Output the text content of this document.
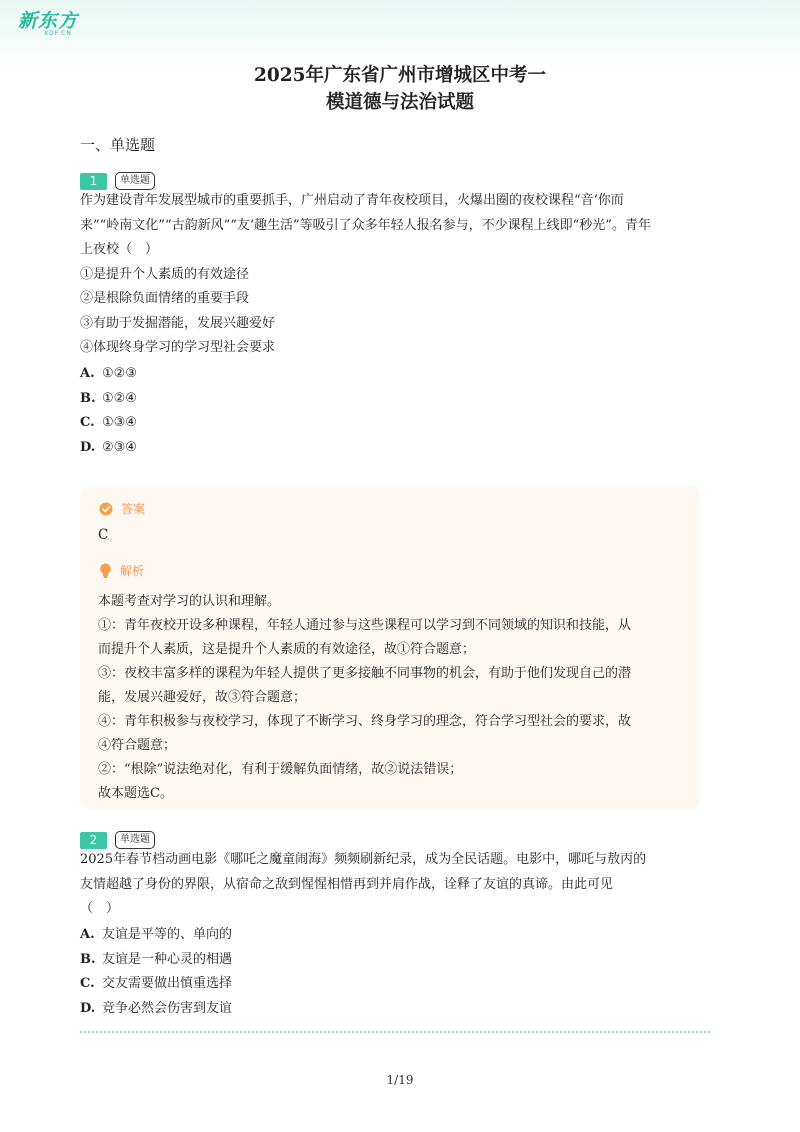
新东方
XDF.CN
2025年广东省广州市增城区中考一
模道德与法治试题
一、单选题
1	单选题

作为建设青年发展型城市的重要抓手，广州启动了青年夜校项目，火爆出圈的夜校课程“音‘你而

来”“岭南文化”“古韵新风”“友‘趣生活”等吸引了众多年轻人报名参与，不少课程上线即“秒光”。青年

上夜校（　）

①是提升个人素质的有效途径

②是根除负面情绪的重要手段

③有助于发掘潜能，发展兴趣爱好

④体现终身学习的学习型社会要求

A. ①②③
B. ①②④
C. ①③④
D. ②③④
答案
C
解析

本题考查对学习的认识和理解。

①：青年夜校开设多种课程，年轻人通过参与这些课程可以学习到不同领域的知识和技能，从

而提升个人素质，这是提升个人素质的有效途径，故①符合题意；

③：夜校丰富多样的课程为年轻人提供了更多接触不同事物的机会，有助于他们发现自己的潜

能，发展兴趣爱好，故③符合题意；

④：青年积极参与夜校学习，体现了不断学习、终身学习的理念，符合学习型社会的要求，故

④符合题意；

②：“根除”说法绝对化，有利于缓解负面情绪，故②说法错误；

故本题选C。

2	单选题

2025年春节档动画电影《哪吒之魔童闹海》频频刷新纪录，成为全民话题。电影中，哪吒与敖丙的

友情超越了身份的界限，从宿命之敌到惺惺相惜再到并肩作战，诠释了友谊的真谛。由此可见

（　）

A. 友谊是平等的、单向的
B. 友谊是一种心灵的相遇
C. 交友需要做出慎重选择
D. 竞争必然会伤害到友谊
1/19
